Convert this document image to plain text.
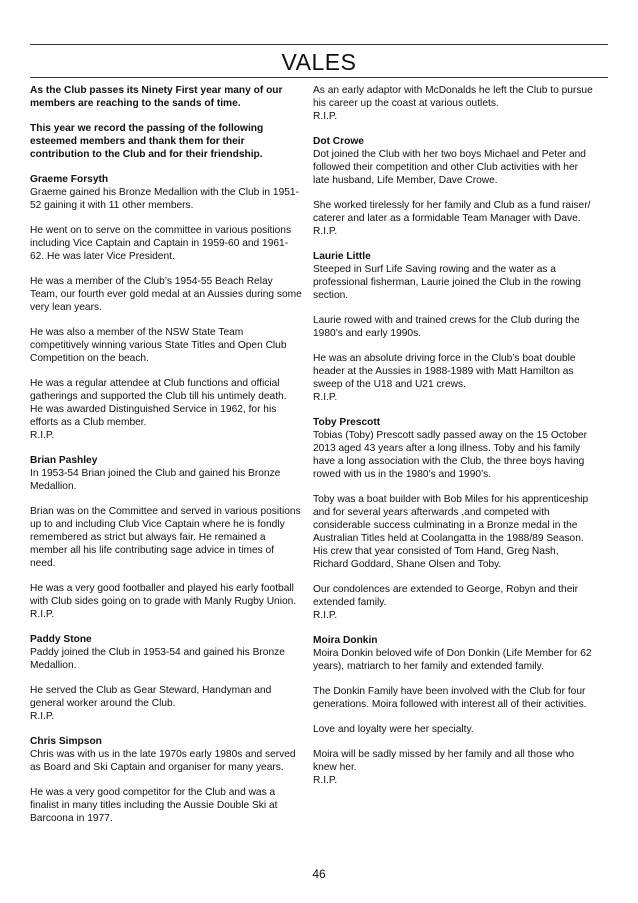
VALES

As the Club passes its Ninety First year many of our members are reaching to the sands of time.

This year we record the passing of the following esteemed members and thank them for their contribution to the Club and for their friendship.

Graeme Forsyth

Graeme gained his Bronze Medallion with the Club in 1951-52 gaining it with 11 other members.

He went on to serve on the committee in various positions including Vice Captain and Captain in 1959-60 and 1961-62. He was later Vice President.

He was a member of the Club’s 1954-55 Beach Relay Team, our fourth ever gold medal at an Aussies during some very lean years.

He was also a member of the NSW State Team competitively winning various State Titles and Open Club Competition on the beach.

He was a regular attendee at Club functions and official gatherings and supported the Club till his untimely death. He was awarded Distinguished Service in 1962, for his efforts as a Club member.

R.I.P.

Brian Pashley

In 1953-54 Brian joined the Club and gained his Bronze Medallion.

Brian was on the Committee and served in various positions up to and including Club Vice Captain where he is fondly remembered as strict but always fair. He remained a member all his life contributing sage advice in times of need.

He was a very good footballer and played his early football with Club sides going on to grade with Manly Rugby Union.

R.I.P.

Paddy Stone

Paddy joined the Club in 1953-54 and gained his Bronze Medallion.

He served the Club as Gear Steward, Handyman and general worker around the Club.

R.I.P.

Chris Simpson

Chris was with us in the late 1970s early 1980s and served as Board and Ski Captain and organiser for many years.

He was a very good competitor for the Club and was a finalist in many titles including the Aussie Double Ski at Barcoona in 1977.

As an early adaptor with McDonalds he left the Club to pursue his career up the coast at various outlets.

R.I.P.

Dot Crowe

Dot joined the Club with her two boys Michael and Peter and followed their competition and other Club activities with her late husband, Life Member, Dave Crowe.

She worked tirelessly for her family and Club as a fund raiser/ caterer and later as a formidable Team Manager with Dave.

R.I.P.

Laurie Little

Steeped in Surf Life Saving rowing and the water as a professional fisherman, Laurie joined the Club in the rowing section.

Laurie rowed with and trained crews for the Club during the 1980’s and early 1990s.

He was an absolute driving force in the Club’s boat double header at the Aussies in 1988-1989 with Matt Hamilton as sweep of the U18 and U21 crews.

R.I.P.

Toby Prescott

Tobias (Toby) Prescott sadly passed away on the 15 October 2013 aged 43 years after a long illness. Toby and his family have a long association with the Club, the three boys having rowed with us in the 1980’s and 1990’s.

Toby was a boat builder with Bob Miles for his apprenticeship and for several years afterwards ,and competed with considerable success culminating in a Bronze medal in the Australian Titles held at Coolangatta in the 1988/89 Season. His crew that year consisted of Tom Hand, Greg Nash, Richard Goddard, Shane Olsen and Toby.

Our condolences are extended to George, Robyn and their extended family.

R.I.P.

Moira Donkin

Moira Donkin beloved wife of Don Donkin (Life Member for 62 years), matriarch to her family and extended family.

The Donkin Family have been involved with the Club for four generations. Moira followed with interest all of their activities.

Love and loyalty were her specialty.

Moira will be sadly missed by her family and all those who knew her.

R.I.P.

46
